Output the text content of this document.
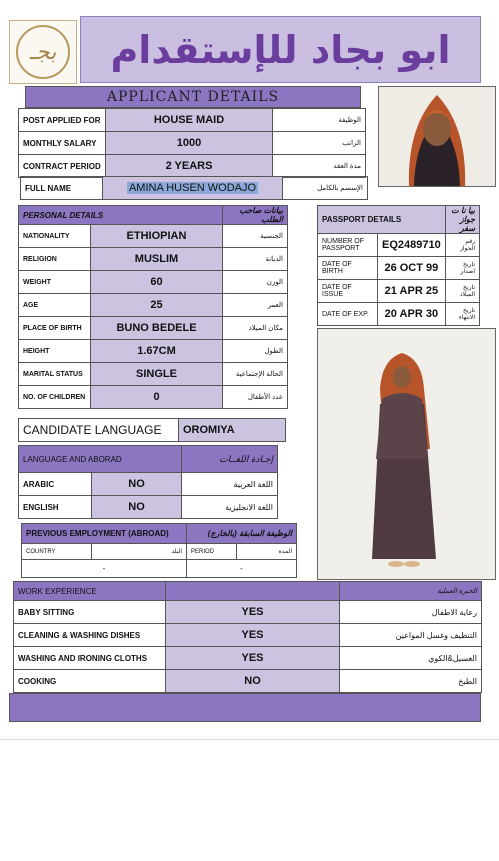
بجـ ابو بجاد للإستقدام
APPLICANT DETAILS
POST APPLIED FOR	HOUSE MAID	الوظيفة
MONTHLY SALARY	1000	الراتب
CONTRACT PERIOD	2 YEARS	مدة العقد
FULL NAME	AMINA HUSEN WODAJO	الإسسم بالكامل
PERSONAL DETAILS		بيانات صاحب الطلب
NATIONALITY	ETHIOPIAN	الجنسية
RELIGION	MUSLIM	الديانة
WEIGHT	60	الوزن
AGE	25	العمر
PLACE OF BIRTH	BUNO BEDELE	مكان الميلاد
HEIGHT	1.67CM	الطول
MARITAL STATUS	SINGLE	الحالة الإجتماعية
NO. OF CHILDREN	0	عدد الأطفال
PASSPORT DETAILS		بيا نا ت جواز سفر
NUMBER OF PASSPORT	EQ2489710	رقم الجواز
DATE OF BIRTH	26 OCT 99	تاريخ اصدار
DATE OF ISSUE	21 APR 25	تاريخ الميلاد
DATE OF EXP.	20 APR 30	تاريخ الانتهاء
CANDIDATE LANGUAGE	OROMIYA
LANGUAGE AND ABORAD		إجـادة اللغــات
ARABIC	NO	اللغة العربية
ENGLISH	NO	اللغة الانجليزية
PREVIOUS EMPLOYMENT (ABROAD)		الوظيفة السابقة (بالخارج)	
COUNTRY	البلد	PERIOD	المدة
-		-	
WORK EXPERIENCE		الخبرة العملية
BABY SITTING	YES	رعاية الاطفال
CLEANING & WASHING DISHES	YES	التنظيف وغسل المواعين
WASHING AND IRONING CLOTHS	YES	الغسيل&الكوي
COOKING	NO	الطبخ
